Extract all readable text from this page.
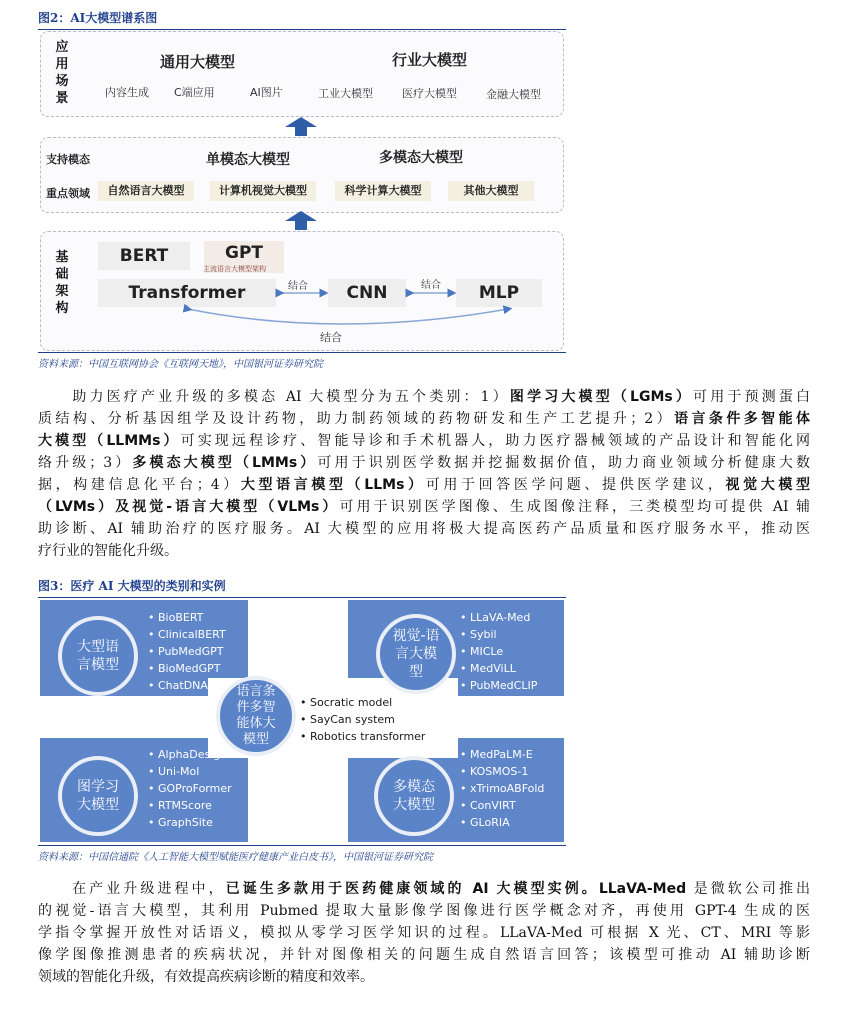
图2：AI大模型谱系图
应
用
场
景
通用大模型	行业大模型
内容生成 C端应用	AI图片	工业大模型	医疗大模型	金融大模型
支持模态
重点领域
单模态大模型	多模态大模型
自然语言大模型	计算机视觉大模型	科学计算大模型	其他大模型
基
础
架
构
BERT	GPT
主流语言大模型架构
Transformer	CNN	MLP
结合	结合
结合
资料来源：中国互联网协会《互联网天地》，中国银河证券研究院
　　助力医疗产业升级的多模态 AI 大模型分为五个类别：1）图学习大模型（LGMs）可用于预测蛋白
质结构、分析基因组学及设计药物，助力制药领域的药物研发和生产工艺提升；2）语言条件多智能体
大模型（LLMMs）可实现远程诊疗、智能导诊和手术机器人，助力医疗器械领域的产品设计和智能化网
络升级；3）多模态大模型（LMMs）可用于识别医学数据并挖掘数据价值，助力商业领域分析健康大数
据，构建信息化平台；4）大型语言模型（LLMs）可用于回答医学问题、提供医学建议，视觉大模型
（LVMs）及视觉-语言大模型（VLMs）可用于识别医学图像、生成图像注释，三类模型均可提供 AI 辅
助诊断、AI 辅助治疗的医疗服务。AI 大模型的应用将极大提高医药产品质量和医疗服务水平，推动医
疗行业的智能化升级。
图3：医疗 AI 大模型的类别和实例
大型语言模型
视觉-语言大模型
语言条件多智能体大模型
图学习大模型
多模态大模型
• BioBERT
• ClinicalBERT
• PubMedGPT
• BioMedGPT
• ChatDNA
• LLaVA-Med
• Sybil
• MICLe
• MedViLL
• PubMedCLIP
• Socratic model
• SayCan system
• Robotics transformer
• AlphaDesign
• Uni-Mol
• GOProFormer
• RTMScore
• GraphSite
• MedPaLM-E
• KOSMOS-1
• xTrimoABFold
• ConVIRT
• GLoRIA
资料来源：中国信通院《人工智能大模型赋能医疗健康产业白皮书》，中国银河证券研究院
　　在产业升级进程中，已诞生多款用于医药健康领域的 AI 大模型实例。LLaVA-Med 是微软公司推出
的视觉-语言大模型，其利用 Pubmed 提取大量影像学图像进行医学概念对齐，再使用 GPT-4 生成的医
学指令掌握开放性对话语义，模拟从零学习医学知识的过程。LLaVA-Med 可根据 X 光、CT、MRI 等影
像学图像推测患者的疾病状况，并针对图像相关的问题生成自然语言回答；该模型可推动 AI 辅助诊断
领域的智能化升级，有效提高疾病诊断的精度和效率。
